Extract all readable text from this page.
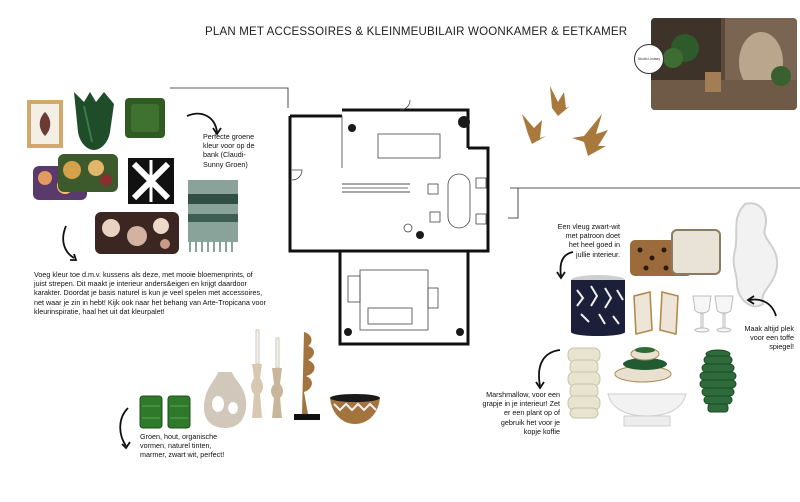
PLAN MET ACCESSOIRES & KLEINMEUBILAIR WOONKAMER & EETKAMER
Studio Lindsey
Perfecte groene kleur voor op de bank (Claudi-Sunny Groen)
Voeg kleur toe d.m.v. kussens als deze, met mooie bloemenprints, of juist strepen. Dit maakt je interieur anders&eigen en krijgt daardoor karakter. Doordat je basis naturel is kun je veel spelen met accessoires, net waar je zin in hebt! Kijk ook naar het behang van Arte-Tropicana voor kleurinspiratie, haal het uit dat kleurpalet!
Een vleug zwart-wit met patroon doet het heel goed in jullie interieur.
Maak altijd plek voor een toffe spiegel!
Marshmallow, voor een grapje in je interieur! Zet er een plant op of gebruik het voor je kopje koffie
Groen, hout, organische vormen, naturel tinten, marmer, zwart wit, perfect!
